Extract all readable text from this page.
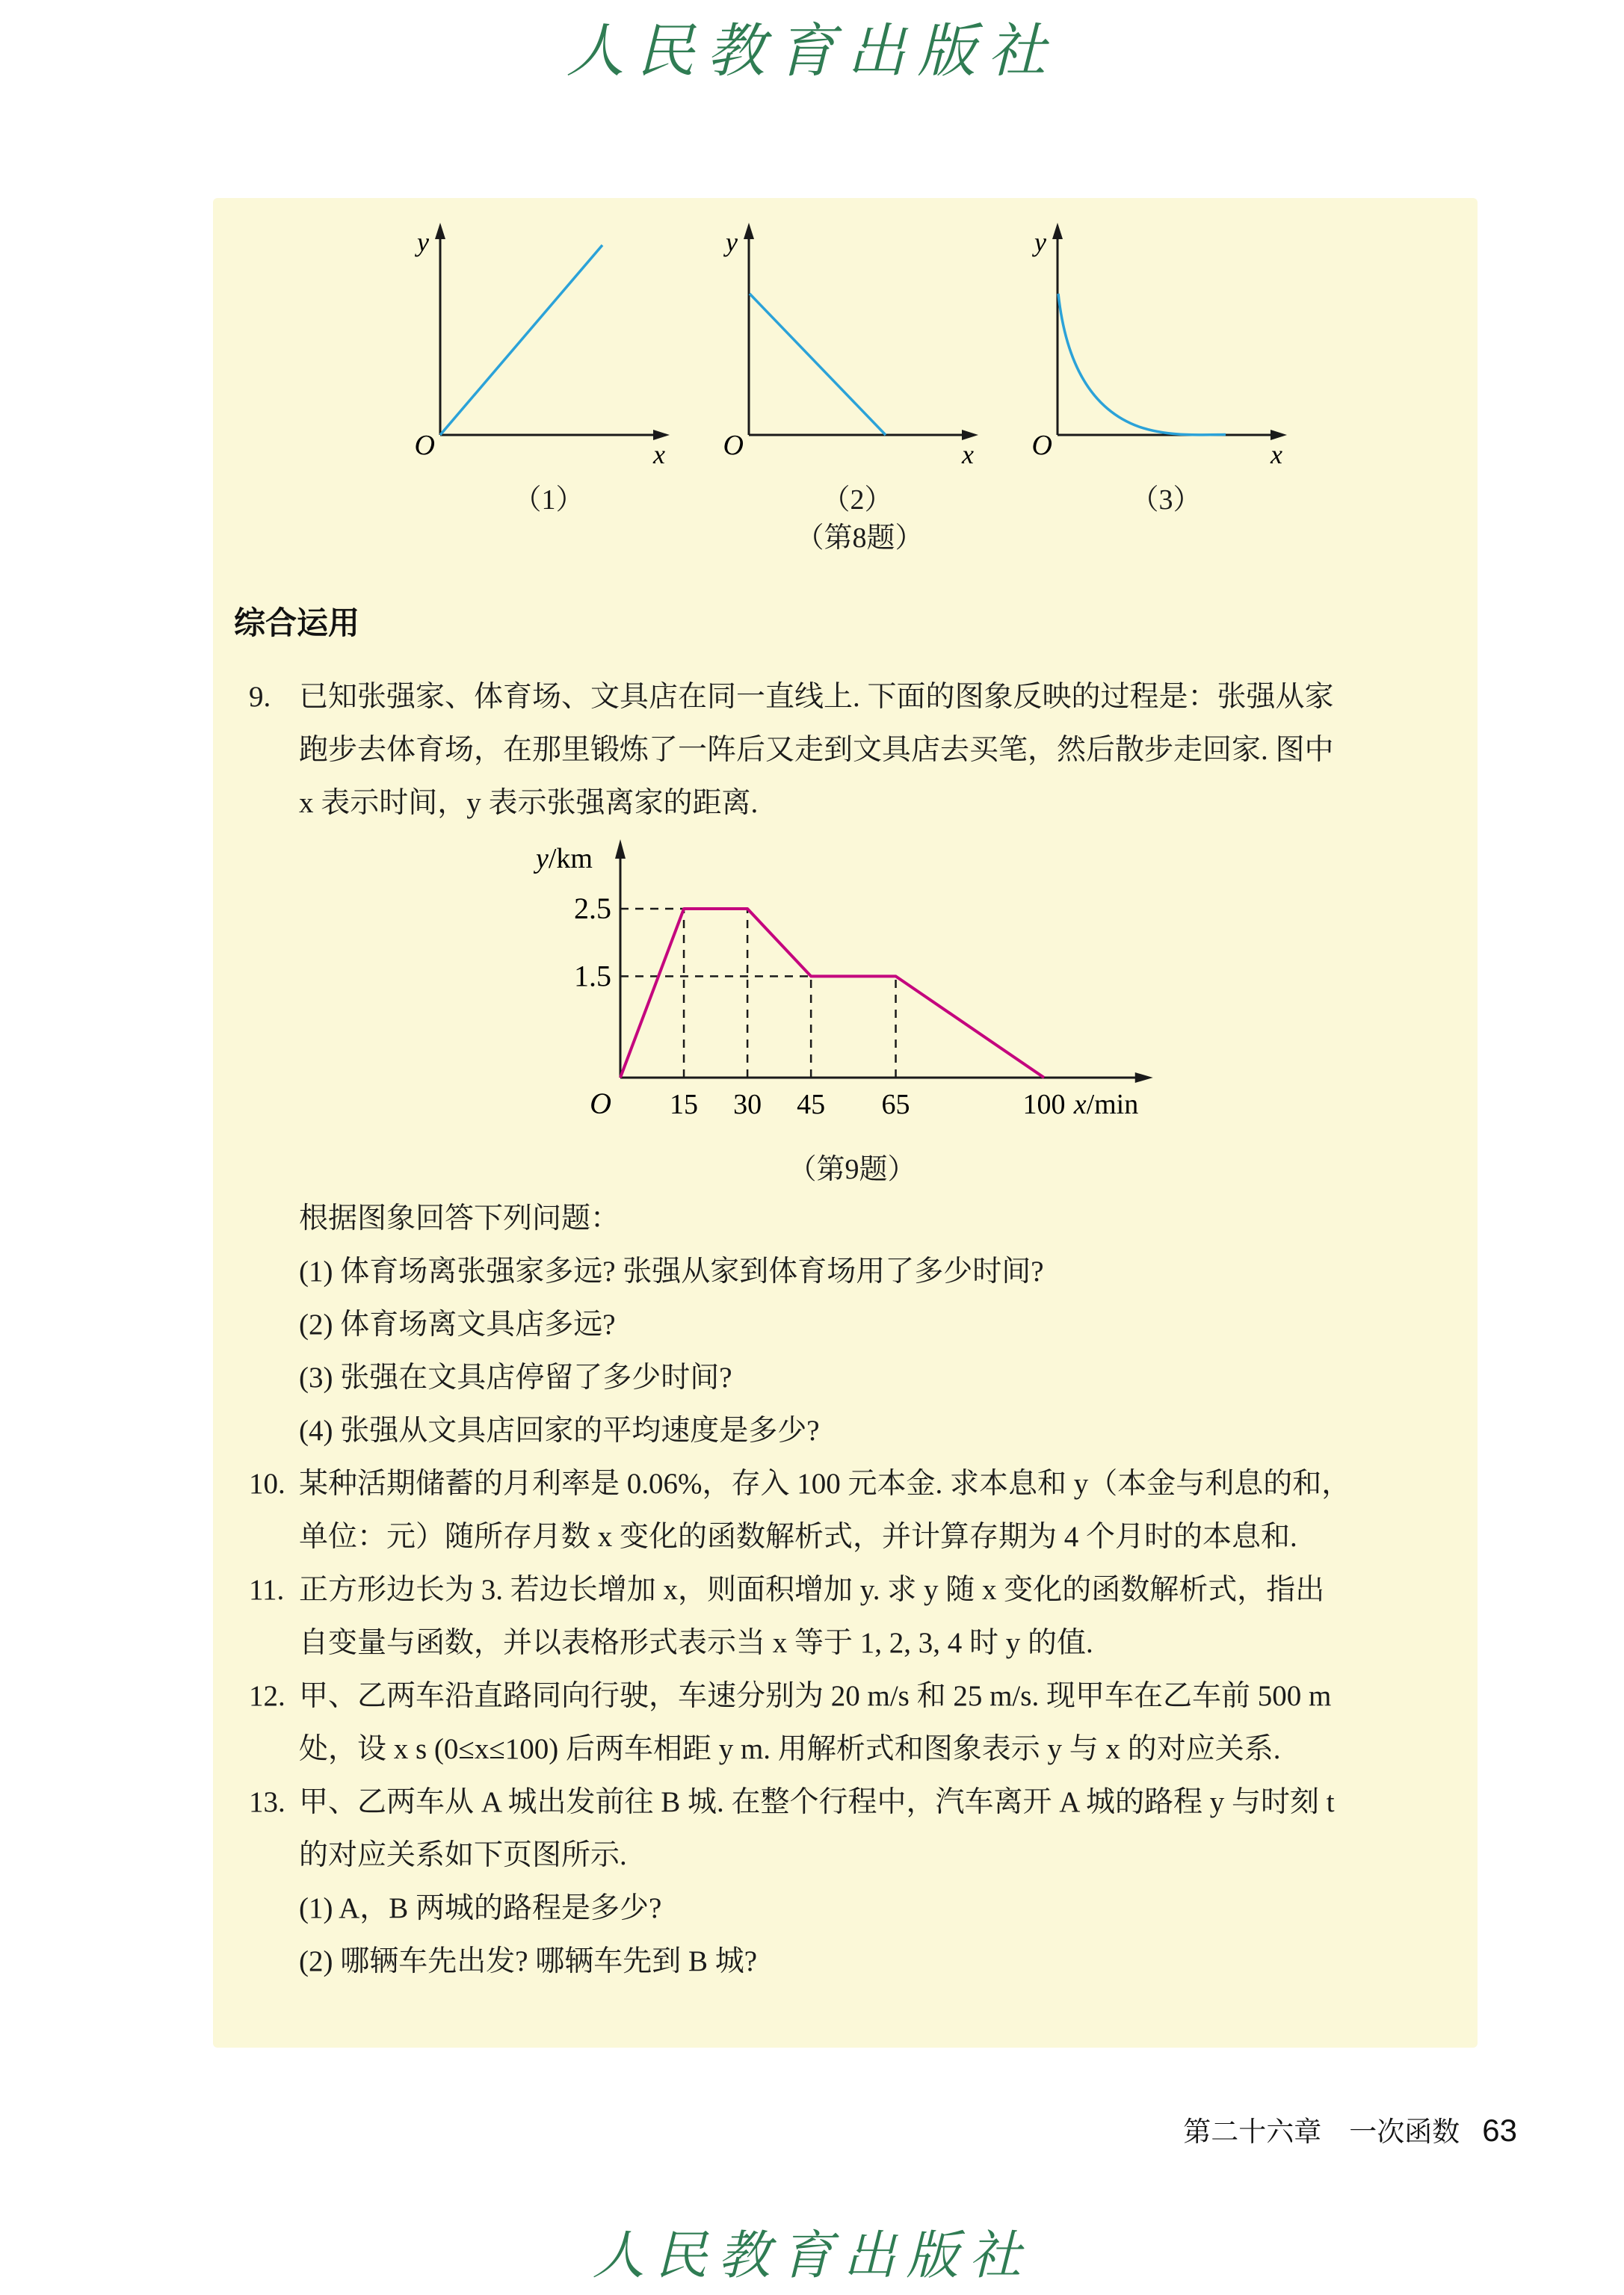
人民教育出版社
y
O	x
y
O	x
y
O	x
（1）	（2）	（3）
（第8题）
综合运用
9. 已知张强家、体育场、文具店在同一直线上. 下面的图象反映的过程是：张强从家跑步去体育场，在那里锻炼了一阵后又走到文具店去买笔，然后散步走回家. 图中 x 表示时间，y 表示张强离家的距离.
15 30 45 65	100
2.5
1.5
O
y/km
x/min
（第9题）
根据图象回答下列问题：
(1) 体育场离张强家多远? 张强从家到体育场用了多少时间?
(2) 体育场离文具店多远?
(3) 张强在文具店停留了多少时间?
(4) 张强从文具店回家的平均速度是多少?
10. 某种活期储蓄的月利率是 0.06%，存入 100 元本金. 求本息和 y（本金与利息的和，单位：元）随所存月数 x 变化的函数解析式，并计算存期为 4 个月时的本息和.
11. 正方形边长为 3. 若边长增加 x，则面积增加 y. 求 y 随 x 变化的函数解析式，指出自变量与函数，并以表格形式表示当 x 等于 1, 2, 3, 4 时 y 的值.
12. 甲、乙两车沿直路同向行驶，车速分别为 20 m/s 和 25 m/s. 现甲车在乙车前 500 m 处，设 x s (0≤x≤100) 后两车相距 y m. 用解析式和图象表示 y 与 x 的对应关系.
13. 甲、乙两车从 A 城出发前往 B 城. 在整个行程中，汽车离开 A 城的路程 y 与时刻 t 的对应关系如下页图所示.
(1) A，B 两城的路程是多少?
(2) 哪辆车先出发? 哪辆车先到 B 城?
第二十六章　一次函数 63
人民教育出版社
